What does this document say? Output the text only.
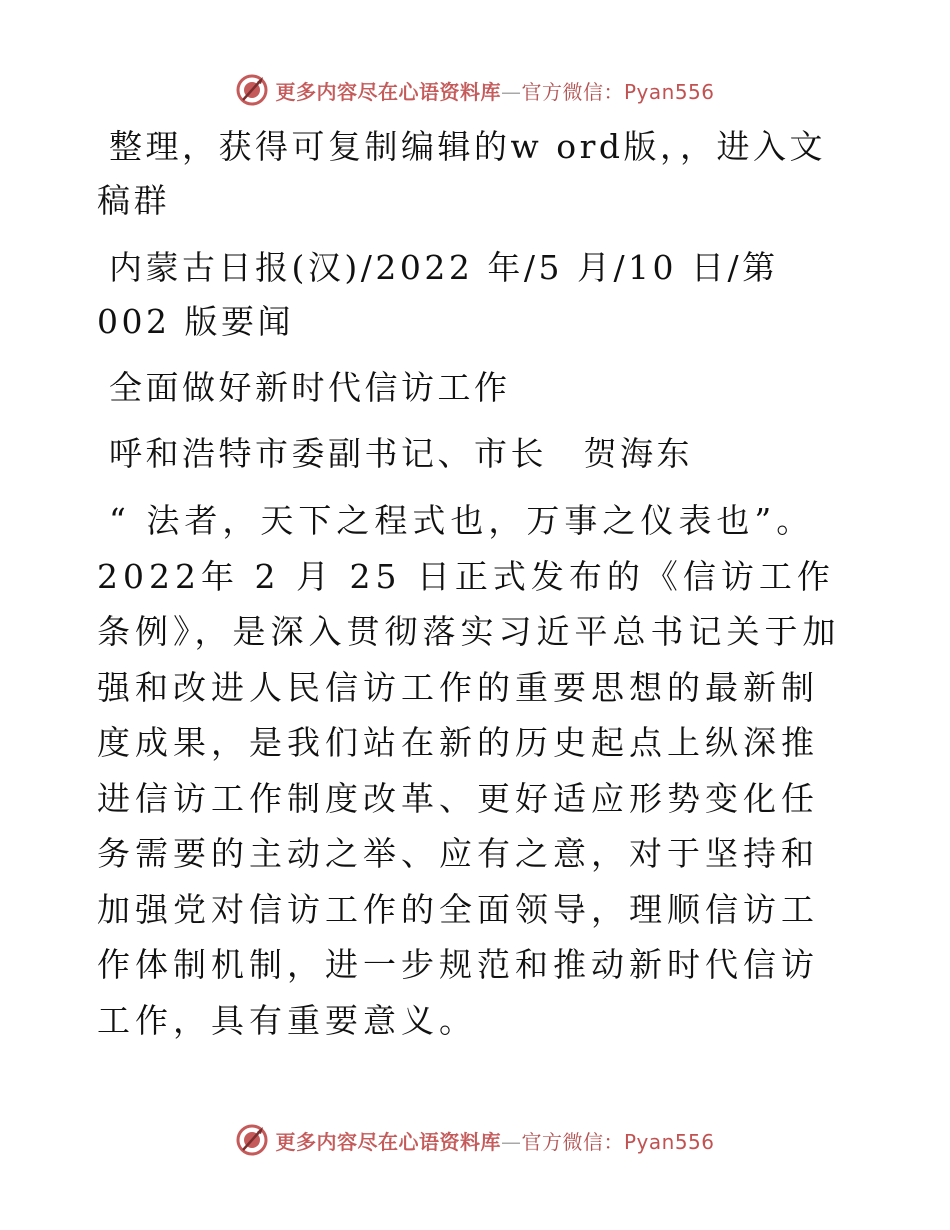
更多内容尽在心语资料库—官方微信：Pyan556

整理，获得可复制编辑的w ord版，，进入文稿群

内蒙古日报(汉)/2022 年/5 月/10 日/第 002 版要闻

全面做好新时代信访工作

呼和浩特市委副书记、市长　贺海东

“ 法者，天下之程式也，万事之仪表也”。2022年 2 月 25 日正式发布的《信访工作条例》，是深入贯彻落实习近平总书记关于加强和改进人民信访工作的重要思想的最新制度成果，是我们站在新的历史起点上纵深推进信访工作制度改革、更好适应形势变化任务需要的主动之举、应有之意，对于坚持和加强党对信访工作的全面领导，理顺信访工作体制机制，进一步规范和推动新时代信访工作，具有重要意义。

更多内容尽在心语资料库—官方微信：Pyan556
